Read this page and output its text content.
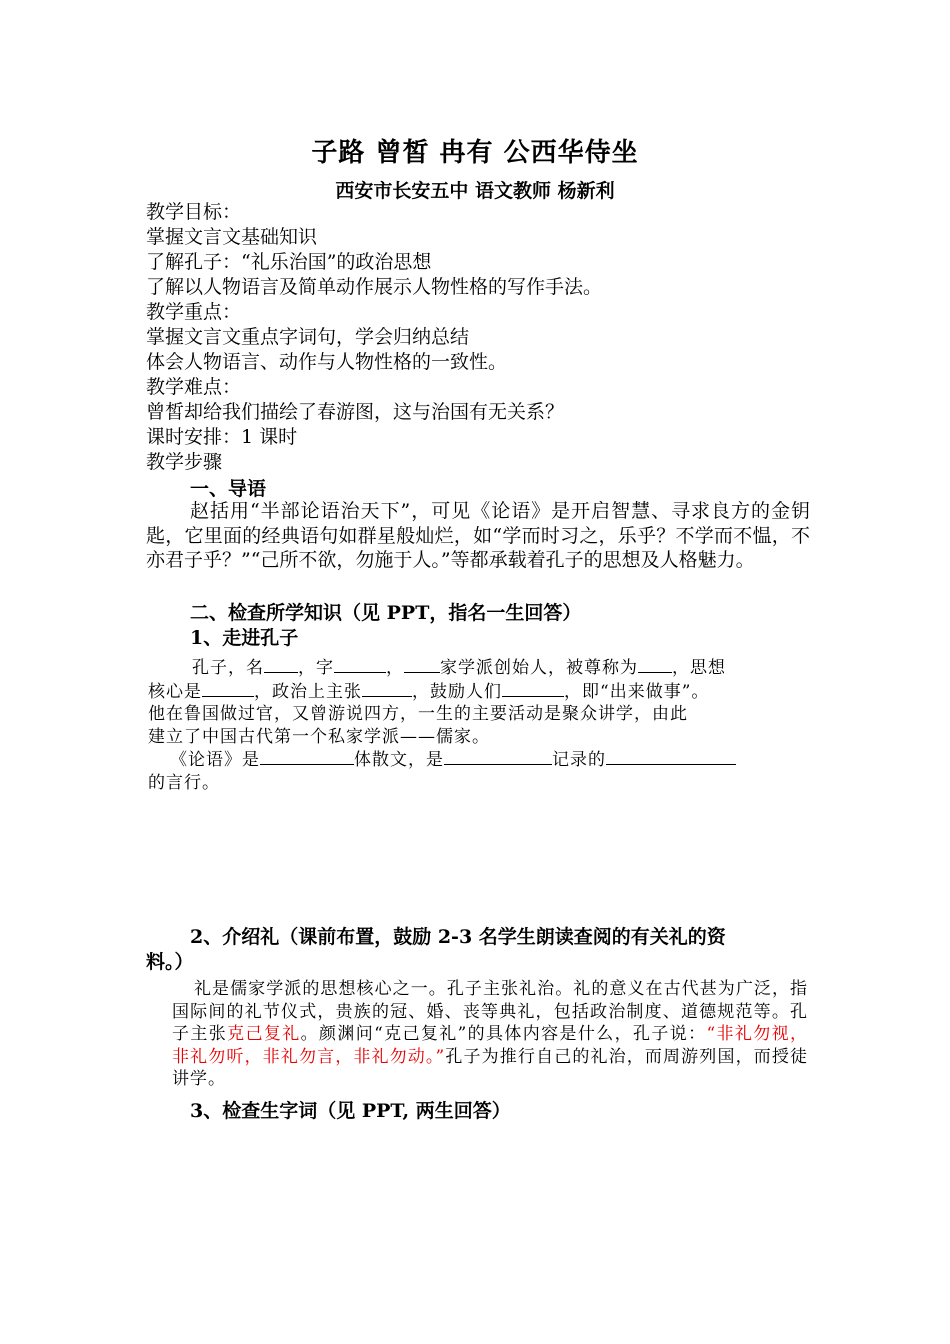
子路 曾皙 冉有 公西华侍坐
西安市长安五中 语文教师 杨新利
教学目标：
掌握文言文基础知识
了解孔子：“礼乐治国”的政治思想
了解以人物语言及简单动作展示人物性格的写作手法。
教学重点：
掌握文言文重点字词句，学会归纳总结
体会人物语言、动作与人物性格的一致性。
教学难点：
曾皙却给我们描绘了春游图，这与治国有无关系？
课时安排：1 课时
教学步骤
一、导语
赵括用“半部论语治天下”，可见《论语》是开启智慧、寻求良方的金钥匙，它里面的经典语句如群星般灿烂，如“学而时习之，乐乎？不学而不愠，不亦君子乎？”“己所不欲，勿施于人。”等都承载着孔子的思想及人格魅力。
二、检查所学知识（见 PPT，指名一生回答）
1、走进孔子
孔子，名 ，字	， 家学派创始人，被尊称为 ，思想
核心是	，政治上主张	，鼓励人们	，即“出来做事”。
他在鲁国做过官，又曾游说四方，一生的主要活动是聚众讲学，由此
建立了中国古代第一个私家学派——儒家。
《论语》是	体散文，是	记录的
的言行。
2、介绍礼（课前布置，鼓励 2-3 名学生朗读查阅的有关礼的资
料。）
礼是儒家学派的思想核心之一。孔子主张礼治。礼的意义在古代甚为广泛，指国际间的礼节仪式，贵族的冠、婚、丧等典礼，包括政治制度、道德规范等。孔子主张克己复礼。颜渊问“克己复礼”的具体内容是什么，孔子说：“非礼勿视，非礼勿听，非礼勿言，非礼勿动。”孔子为推行自己的礼治，而周游列国，而授徒讲学。
3、检查生字词（见 PPT, 两生回答）
